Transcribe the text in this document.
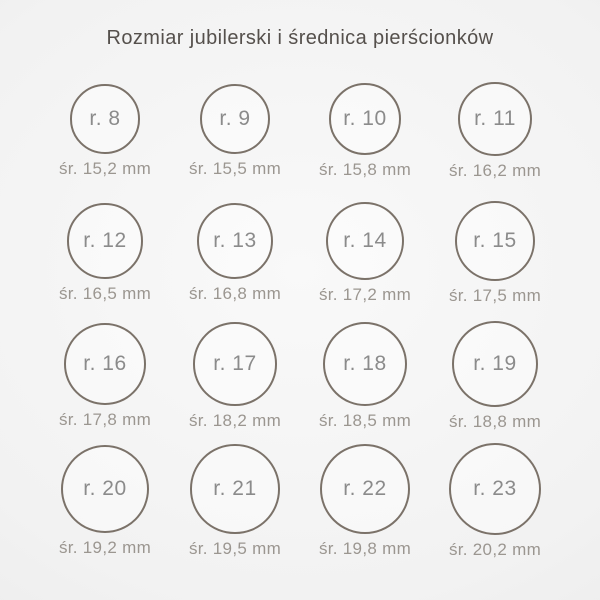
Rozmiar jubilerski i średnica pierścionków
r. 8
śr. 15,2 mm
r. 9
śr. 15,5 mm
r. 10
śr. 15,8 mm
r. 11
śr. 16,2 mm
r. 12
śr. 16,5 mm
r. 13
śr. 16,8 mm
r. 14
śr. 17,2 mm
r. 15
śr. 17,5 mm
r. 16
śr. 17,8 mm
r. 17
śr. 18,2 mm
r. 18
śr. 18,5 mm
r. 19
śr. 18,8 mm
r. 20
śr. 19,2 mm
r. 21
śr. 19,5 mm
r. 22
śr. 19,8 mm
r. 23
śr. 20,2 mm
